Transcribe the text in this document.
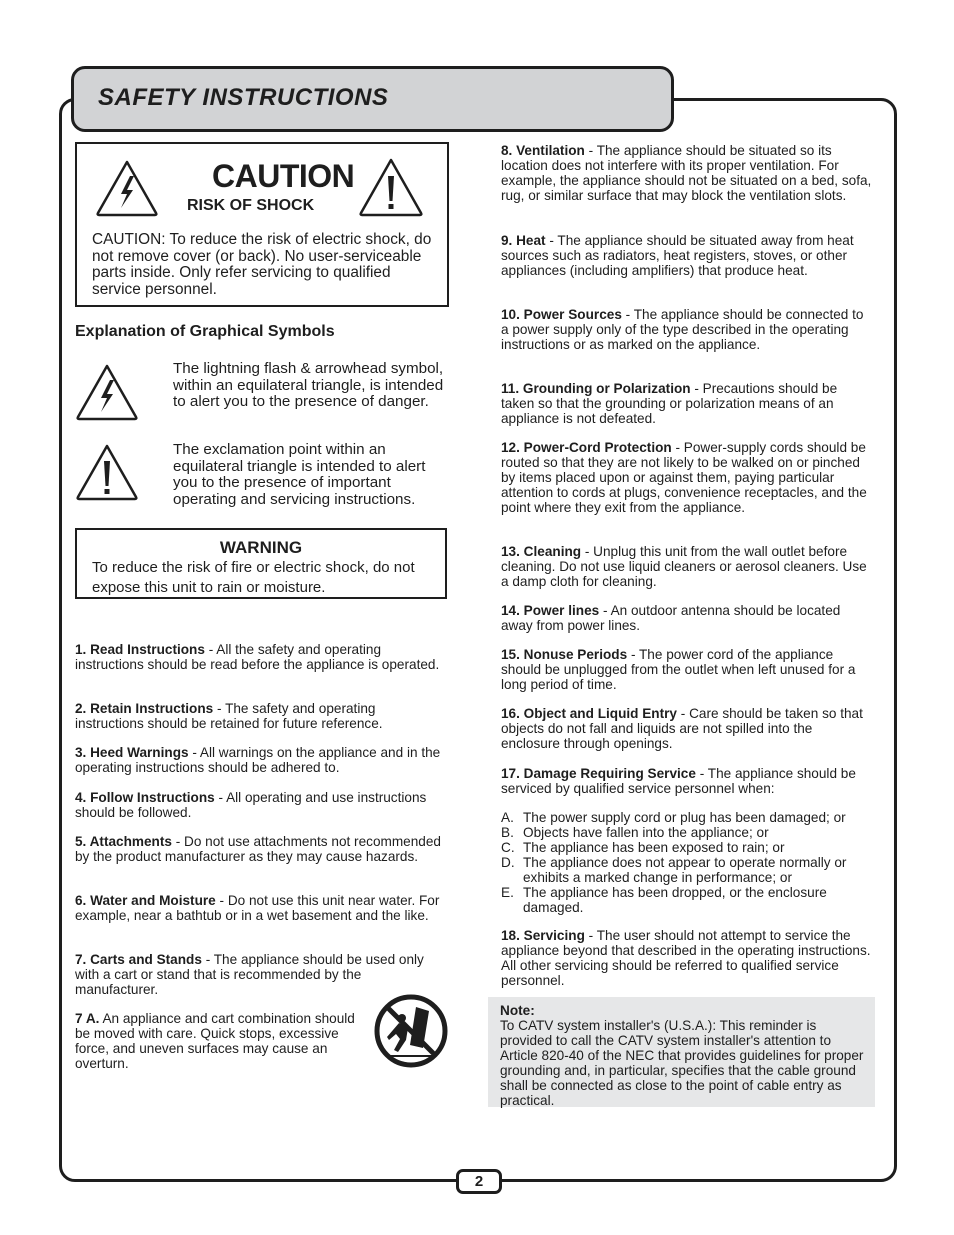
SAFETY INSTRUCTIONS
CAUTION
RISK OF SHOCK
CAUTION: To reduce the risk of electric shock, do not remove cover (or back). No user-serviceable parts inside. Only refer servicing to qualified service personnel.
Explanation of Graphical Symbols
The lightning flash & arrowhead symbol, within an equilateral triangle, is intended to alert you to the presence of danger.
The exclamation point within an equilateral triangle is intended to alert you to the presence of important operating and servicing instructions.
WARNING
To reduce the risk of fire or electric shock, do not expose this unit to rain or moisture.

1. Read Instructions - All the safety and operating instructions should be read before the appliance is operated.

2. Retain Instructions - The safety and operating instructions should be retained for future reference.

3. Heed Warnings - All warnings on the appliance and in the operating instructions should be adhered to.

4. Follow Instructions - All operating and use instructions should be followed.

5. Attachments - Do not use attachments not recommended by the product manufacturer as they may cause hazards.

6. Water and Moisture - Do not use this unit near water. For example, near a bathtub or in a wet basement and the like.

7. Carts and Stands - The appliance should be used only with a cart or stand that is recommended by the manufacturer.

7 A. An appliance and cart combination should be moved with care. Quick stops, excessive force, and uneven surfaces may cause an overturn.

8. Ventilation - The appliance should be situated so its location does not interfere with its proper ventilation. For example, the appliance should not be situated on a bed, sofa, rug, or similar surface that may block the ventilation slots.

9. Heat - The appliance should be situated away from heat sources such as radiators, heat registers, stoves, or other appliances (including amplifiers) that produce heat.

10. Power Sources - The appliance should be connected to a power supply only of the type described in the operating instructions or as marked on the appliance.

11. Grounding or Polarization - Precautions should be taken so that the grounding or polarization means of an appliance is not defeated.

12. Power-Cord Protection - Power-supply cords should be routed so that they are not likely to be walked on or pinched by items placed upon or against them, paying particular attention to cords at plugs, convenience receptacles, and the point where they exit from the appliance.

13. Cleaning - Unplug this unit from the wall outlet before cleaning. Do not use liquid cleaners or aerosol cleaners. Use a damp cloth for cleaning.

14. Power lines - An outdoor antenna should be located away from power lines.

15. Nonuse Periods - The power cord of the appliance should be unplugged from the outlet when left unused for a long period of time.

16. Object and Liquid Entry - Care should be taken so that objects do not fall and liquids are not spilled into the enclosure through openings.

17. Damage Requiring Service - The appliance should be serviced by qualified service personnel when:

A. The power supply cord or plug has been damaged; or
B. Objects have fallen into the appliance; or
C. The appliance has been exposed to rain; or
D. The appliance does not appear to operate normally or exhibits a marked change in performance; or
E. The appliance has been dropped, or the enclosure damaged.

18. Servicing - The user should not attempt to service the appliance beyond that described in the operating instructions. All other servicing should be referred to qualified service personnel.

Note:
To CATV system installer's (U.S.A.): This reminder is provided to call the CATV system installer's attention to Article 820-40 of the NEC that provides guidelines for proper grounding and, in particular, specifies that the cable ground shall be connected as close to the point of cable entry as practical.
2
